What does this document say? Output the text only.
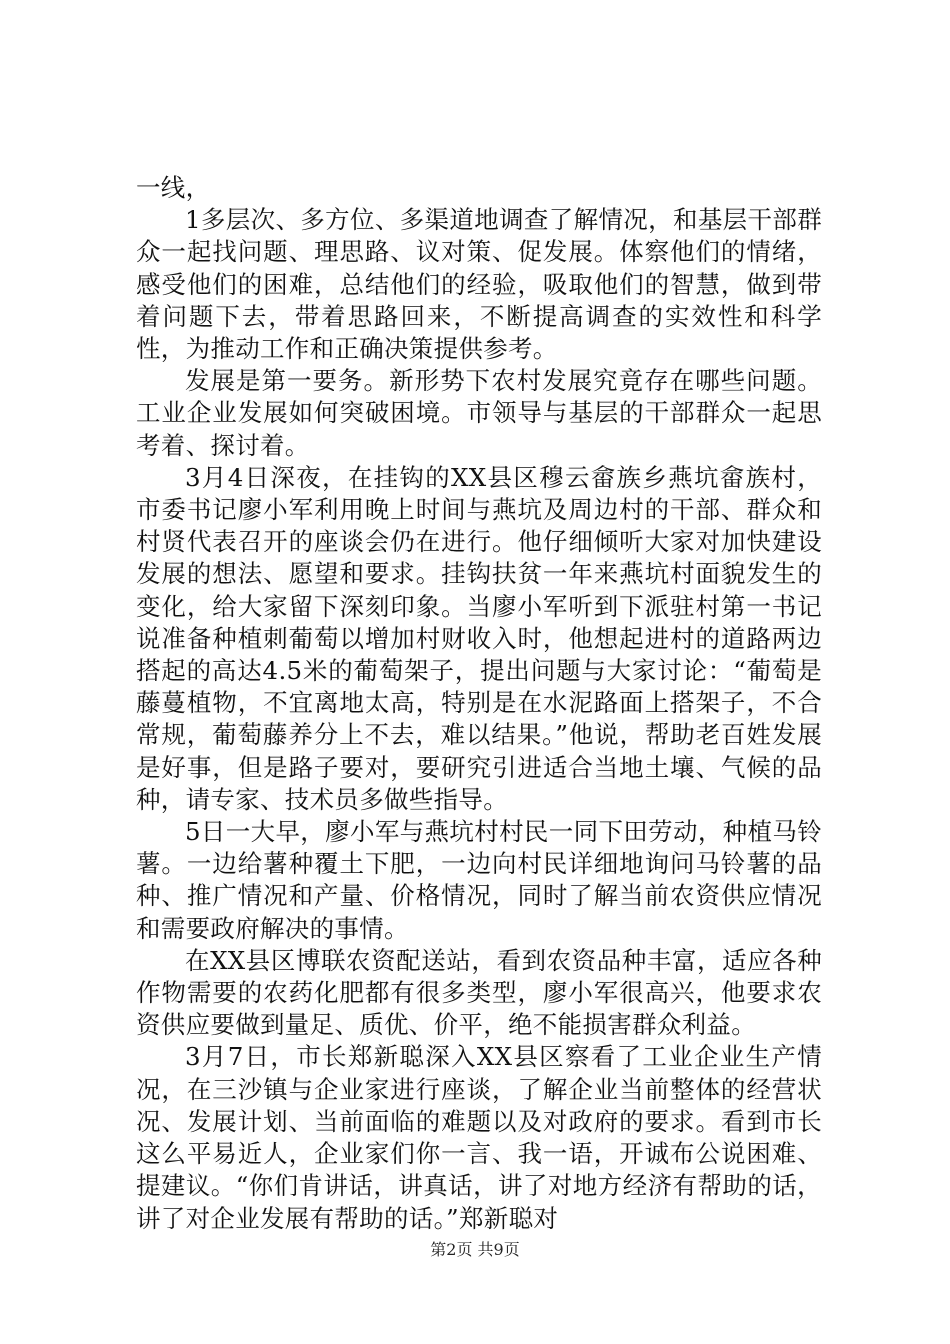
一线，

1多层次、多方位、多渠道地调查了解情况，和基层干部群众一起找问题、理思路、议对策、促发展。体察他们的情绪，感受他们的困难，总结他们的经验，吸取他们的智慧，做到带着问题下去，带着思路回来，不断提高调查的实效性和科学性，为推动工作和正确决策提供参考。

发展是第一要务。新形势下农村发展究竟存在哪些问题。工业企业发展如何突破困境。市领导与基层的干部群众一起思考着、探讨着。

3月4日深夜，在挂钩的XX县区穆云畲族乡燕坑畲族村，市委书记廖小军利用晚上时间与燕坑及周边村的干部、群众和村贤代表召开的座谈会仍在进行。他仔细倾听大家对加快建设发展的想法、愿望和要求。挂钩扶贫一年来燕坑村面貌发生的变化，给大家留下深刻印象。当廖小军听到下派驻村第一书记说准备种植刺葡萄以增加村财收入时，他想起进村的道路两边搭起的高达4.5米的葡萄架子，提出问题与大家讨论：“葡萄是藤蔓植物，不宜离地太高，特别是在水泥路面上搭架子，不合常规，葡萄藤养分上不去，难以结果。”他说，帮助老百姓发展是好事，但是路子要对，要研究引进适合当地土壤、气候的品种，请专家、技术员多做些指导。

5日一大早，廖小军与燕坑村村民一同下田劳动，种植马铃薯。一边给薯种覆土下肥，一边向村民详细地询问马铃薯的品种、推广情况和产量、价格情况，同时了解当前农资供应情况和需要政府解决的事情。

在XX县区博联农资配送站，看到农资品种丰富，适应各种作物需要的农药化肥都有很多类型，廖小军很高兴，他要求农资供应要做到量足、质优、价平，绝不能损害群众利益。

3月7日，市长郑新聪深入XX县区察看了工业企业生产情况，在三沙镇与企业家进行座谈，了解企业当前整体的经营状况、发展计划、当前面临的难题以及对政府的要求。看到市长这么平易近人，企业家们你一言、我一语，开诚布公说困难、提建议。“你们肯讲话，讲真话，讲了对地方经济有帮助的话，讲了对企业发展有帮助的话。”郑新聪对

第2页 共9页
